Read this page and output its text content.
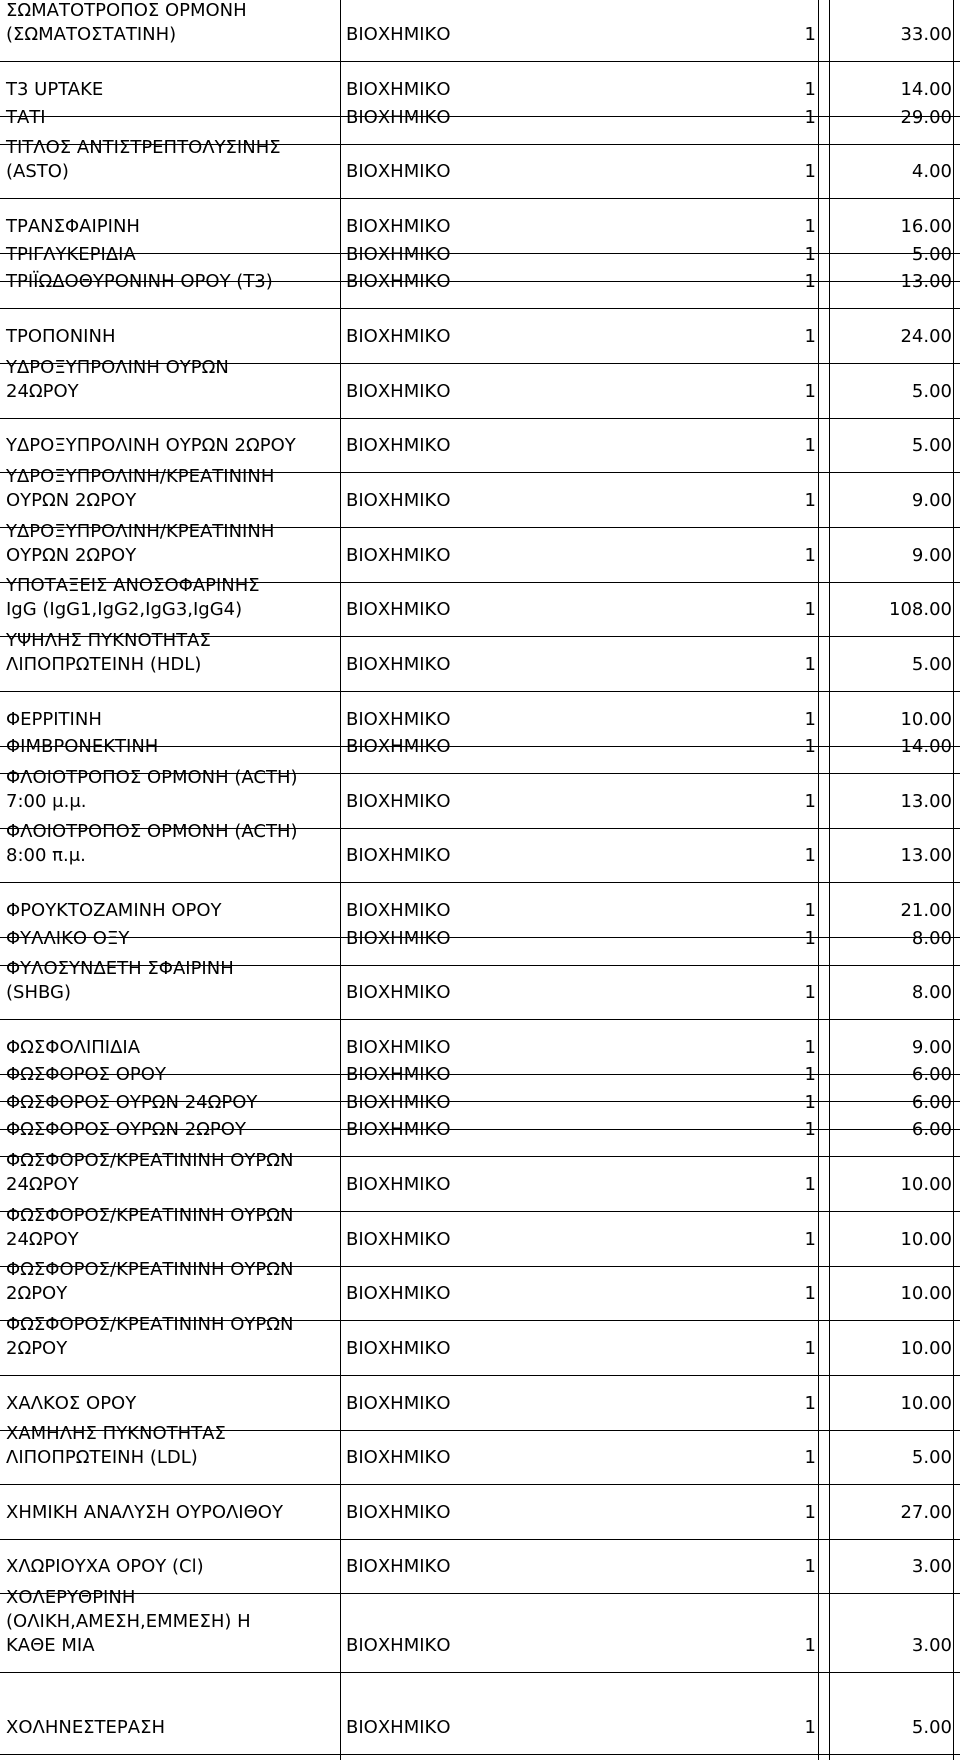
ΣΩΜΑΤΟΤΡΟΠΟΣ ΟΡΜΟΝΗ
(ΣΩΜΑΤΟΣΤΑΤΙΝΗ)	ΒΙΟΧΗΜΙΚΟ	1	33.00
Τ3 UPTAKE	ΒΙΟΧΗΜΙΚΟ	1	14.00
ΤΑΤΙ	ΒΙΟΧΗΜΙΚΟ	1	29.00
ΤΙΤΛΟΣ ΑΝΤΙΣΤΡΕΠΤΟΛΥΣΙΝΗΣ
(ASTO)	ΒΙΟΧΗΜΙΚΟ	1	4.00
ΤΡΑΝΣΦΑΙΡΙΝΗ	ΒΙΟΧΗΜΙΚΟ	1	16.00
ΤΡΙΓΛΥΚΕΡΙΔΙΑ	ΒΙΟΧΗΜΙΚΟ	1	5.00
ΤΡΙΪΩΔΟΘΥΡΟΝΙΝΗ ΟΡΟΥ (Τ3)	ΒΙΟΧΗΜΙΚΟ	1	13.00
ΤΡΟΠΟΝΙΝΗ	ΒΙΟΧΗΜΙΚΟ	1	24.00
ΥΔΡΟΞΥΠΡΟΛΙΝΗ ΟΥΡΩΝ
24ΩΡΟΥ	ΒΙΟΧΗΜΙΚΟ	1	5.00
ΥΔΡΟΞΥΠΡΟΛΙΝΗ ΟΥΡΩΝ 2ΩΡΟΥ	ΒΙΟΧΗΜΙΚΟ	1	5.00
ΥΔΡΟΞΥΠΡΟΛΙΝΗ/ΚΡΕΑΤΙΝΙΝΗ
ΟΥΡΩΝ 2ΩΡΟΥ	ΒΙΟΧΗΜΙΚΟ	1	9.00
ΥΔΡΟΞΥΠΡΟΛΙΝΗ/ΚΡΕΑΤΙΝΙΝΗ
ΟΥΡΩΝ 2ΩΡΟΥ	ΒΙΟΧΗΜΙΚΟ	1	9.00
ΥΠΟΤΑΞΕΙΣ ΑΝΟΣΟΦΑΡΙΝΗΣ
IgG (IgG1,IgG2,IgG3,IgG4)	ΒΙΟΧΗΜΙΚΟ	1	108.00
ΥΨΗΛΗΣ ΠΥΚΝΟΤΗΤΑΣ
ΛΙΠΟΠΡΩΤΕΙΝΗ (HDL)	ΒΙΟΧΗΜΙΚΟ	1	5.00
ΦΕΡΡΙΤΙΝΗ	ΒΙΟΧΗΜΙΚΟ	1	10.00
ΦΙΜΒΡΟΝΕΚΤΙΝΗ	ΒΙΟΧΗΜΙΚΟ	1	14.00
ΦΛΟΙΟΤΡΟΠΟΣ ΟΡΜΟΝΗ (ACTH)
7:00 μ.μ.	ΒΙΟΧΗΜΙΚΟ	1	13.00
ΦΛΟΙΟΤΡΟΠΟΣ ΟΡΜΟΝΗ (ACTH)
8:00 π.μ.	ΒΙΟΧΗΜΙΚΟ	1	13.00
ΦΡΟΥΚΤΟΖΑΜΙΝΗ ΟΡΟΥ	ΒΙΟΧΗΜΙΚΟ	1	21.00
ΦΥΛΛΙΚΟ ΟΞΥ	ΒΙΟΧΗΜΙΚΟ	1	8.00
ΦΥΛΟΣΥΝΔΕΤΗ ΣΦΑΙΡΙΝΗ
(SHBG)	ΒΙΟΧΗΜΙΚΟ	1	8.00
ΦΩΣΦΟΛΙΠΙΔΙΑ	ΒΙΟΧΗΜΙΚΟ	1	9.00
ΦΩΣΦΟΡΟΣ ΟΡΟΥ	ΒΙΟΧΗΜΙΚΟ	1	6.00
ΦΩΣΦΟΡΟΣ ΟΥΡΩΝ 24ΩΡΟΥ	ΒΙΟΧΗΜΙΚΟ	1	6.00
ΦΩΣΦΟΡΟΣ ΟΥΡΩΝ 2ΩΡΟΥ	ΒΙΟΧΗΜΙΚΟ	1	6.00
ΦΩΣΦΟΡΟΣ/ΚΡΕΑΤΙΝΙΝΗ ΟΥΡΩΝ
24ΩΡΟΥ	ΒΙΟΧΗΜΙΚΟ	1	10.00
ΦΩΣΦΟΡΟΣ/ΚΡΕΑΤΙΝΙΝΗ ΟΥΡΩΝ
24ΩΡΟΥ	ΒΙΟΧΗΜΙΚΟ	1	10.00
ΦΩΣΦΟΡΟΣ/ΚΡΕΑΤΙΝΙΝΗ ΟΥΡΩΝ
2ΩΡΟΥ	ΒΙΟΧΗΜΙΚΟ	1	10.00
ΦΩΣΦΟΡΟΣ/ΚΡΕΑΤΙΝΙΝΗ ΟΥΡΩΝ
2ΩΡΟΥ	ΒΙΟΧΗΜΙΚΟ	1	10.00
ΧΑΛΚΟΣ ΟΡΟΥ	ΒΙΟΧΗΜΙΚΟ	1	10.00
ΧΑΜΗΛΗΣ ΠΥΚΝΟΤΗΤΑΣ
ΛΙΠΟΠΡΩΤΕΙΝΗ (LDL)	ΒΙΟΧΗΜΙΚΟ	1	5.00
ΧΗΜΙΚΗ ΑΝΑΛΥΣΗ ΟΥΡΟΛΙΘΟΥ	ΒΙΟΧΗΜΙΚΟ	1	27.00
ΧΛΩΡΙΟΥΧΑ ΟΡΟΥ (Cl)	ΒΙΟΧΗΜΙΚΟ	1	3.00
ΧΟΛΕΡΥΘΡΙΝΗ
(ΟΛΙΚΗ,ΑΜΕΣΗ,ΕΜΜΕΣΗ) Η
ΚΑΘΕ ΜΙΑ	ΒΙΟΧΗΜΙΚΟ	1	3.00
ΧΟΛΗΝΕΣΤΕΡΑΣΗ	ΒΙΟΧΗΜΙΚΟ	1	5.00
